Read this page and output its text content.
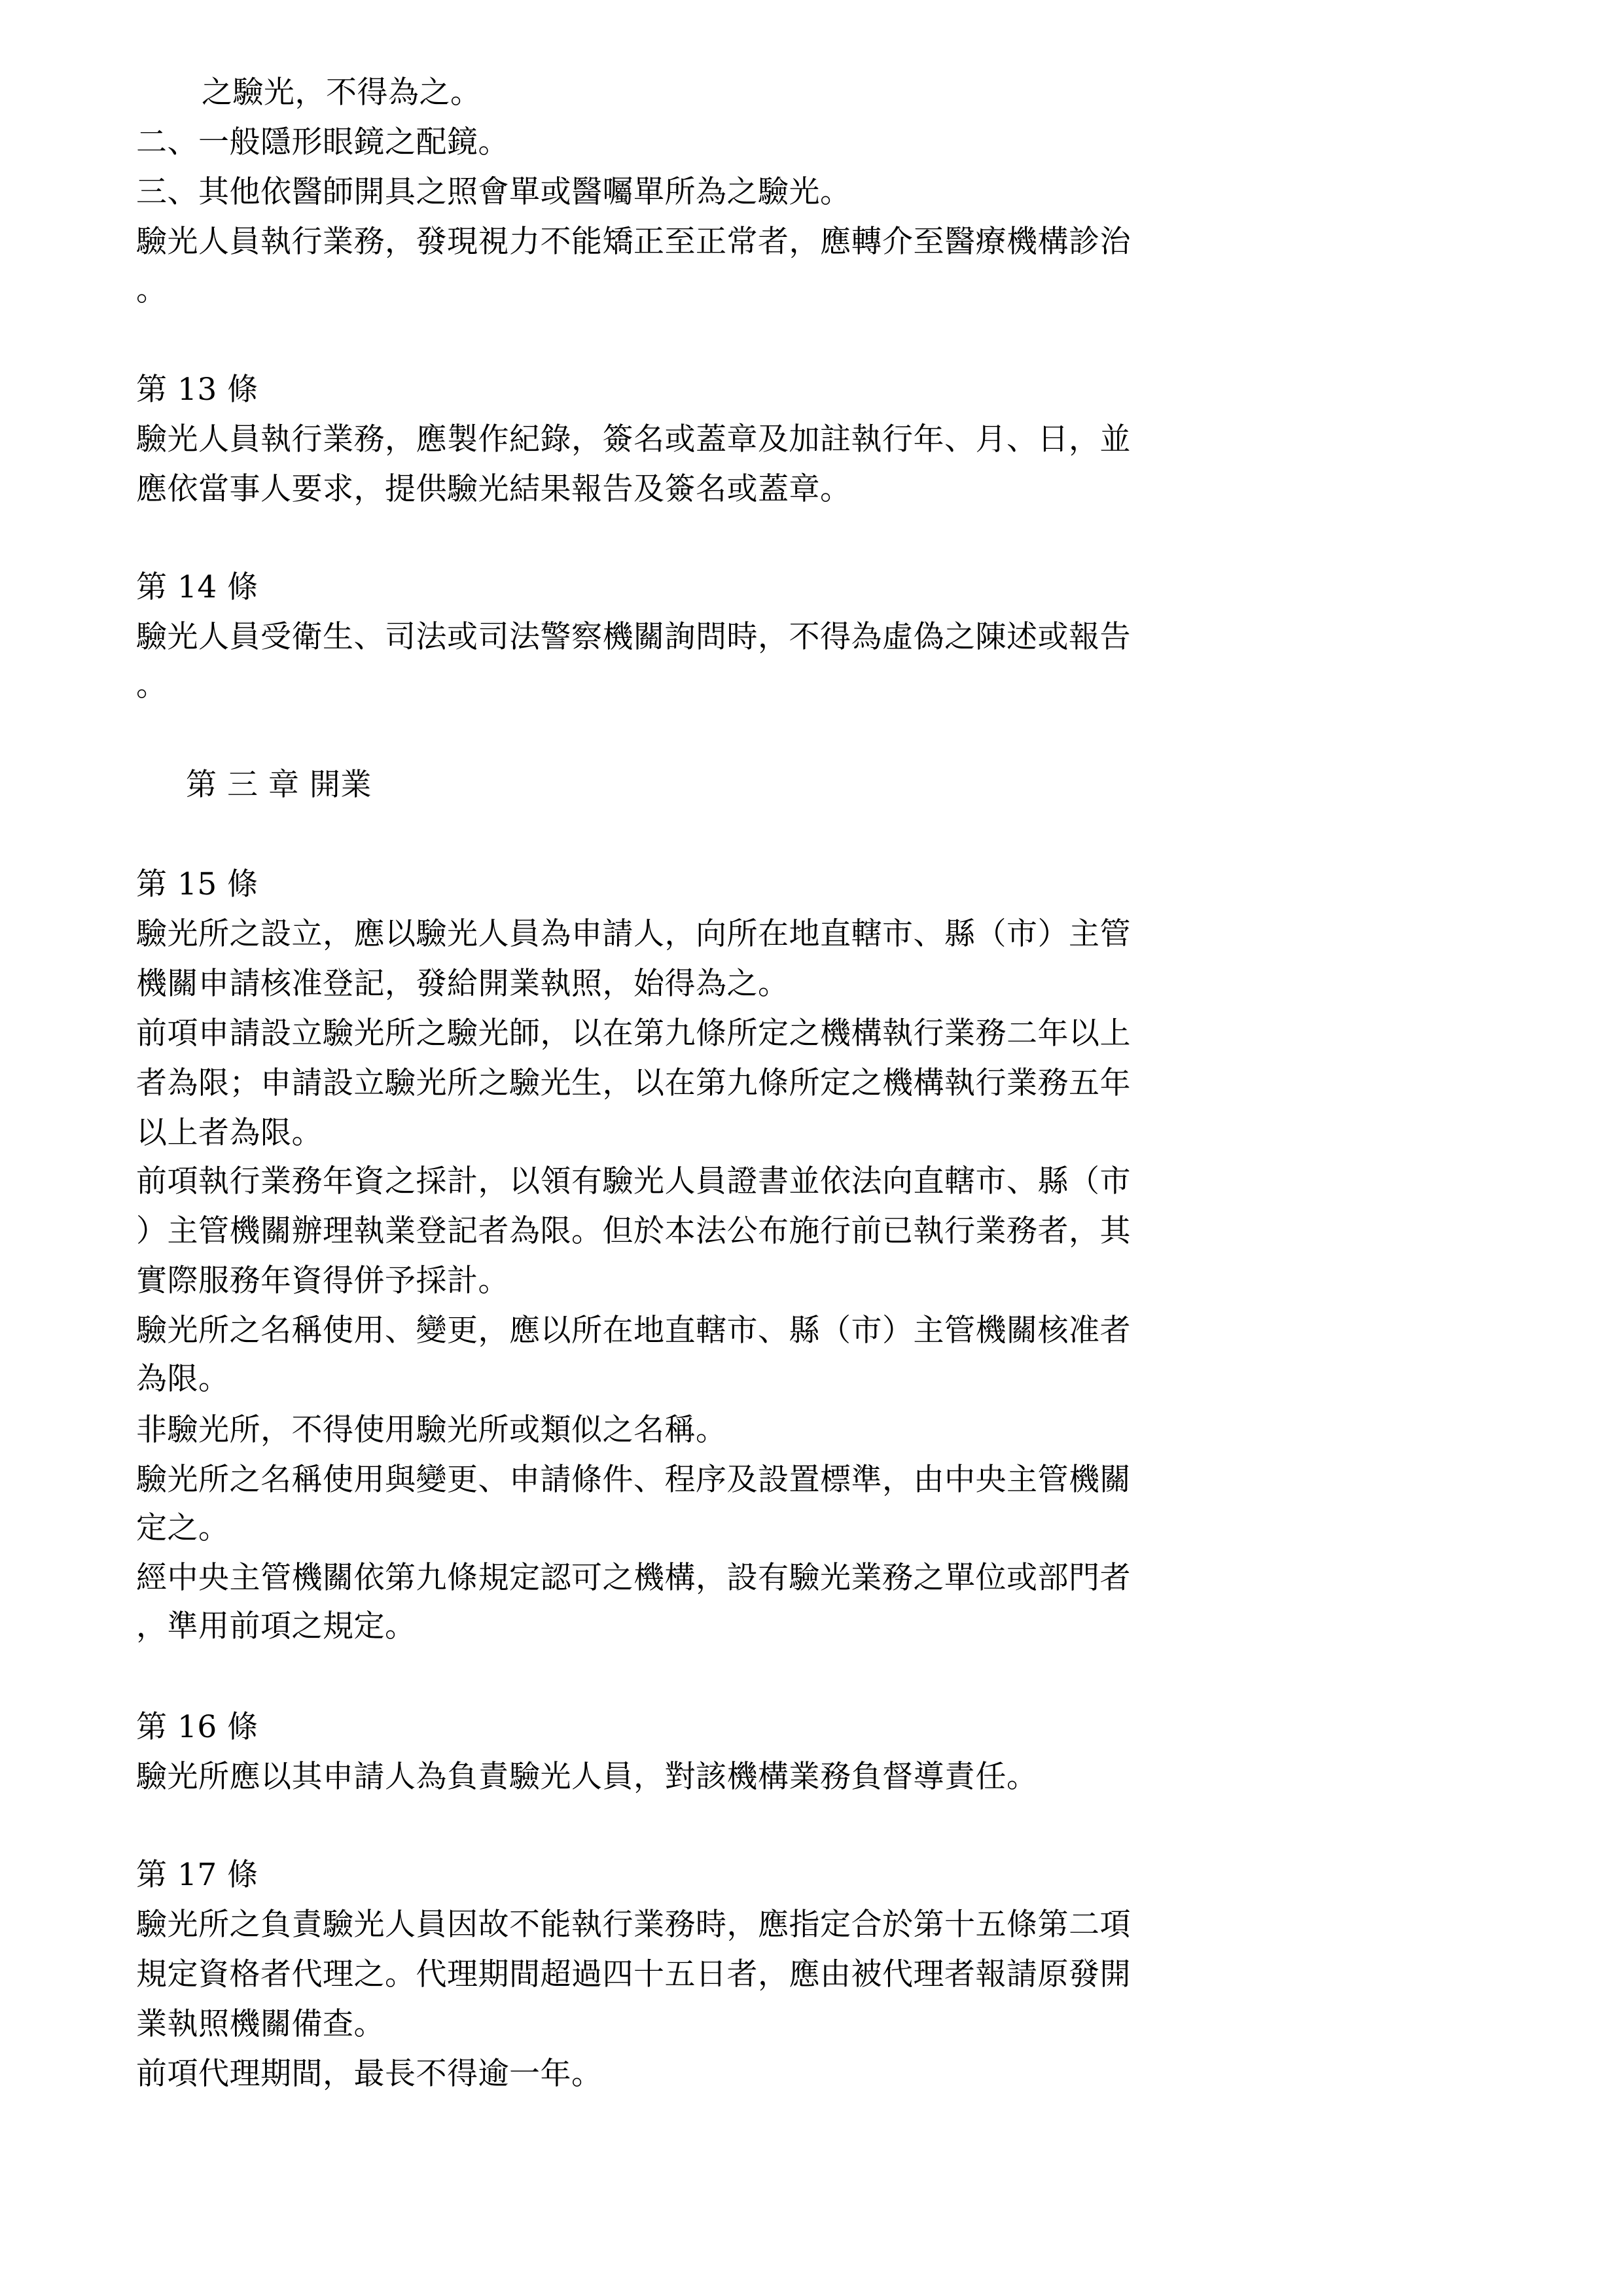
之驗光，不得為之。
二、一般隱形眼鏡之配鏡。
三、其他依醫師開具之照會單或醫囑單所為之驗光。
驗光人員執行業務，發現視力不能矯正至正常者，應轉介至醫療機構診治
。
第 13 條
驗光人員執行業務，應製作紀錄，簽名或蓋章及加註執行年、月、日，並
應依當事人要求，提供驗光結果報告及簽名或蓋章。
第 14 條
驗光人員受衛生、司法或司法警察機關詢問時，不得為虛偽之陳述或報告
。
第 三 章 開業
第 15 條
驗光所之設立，應以驗光人員為申請人，向所在地直轄市、縣（市）主管
機關申請核准登記，發給開業執照，始得為之。
前項申請設立驗光所之驗光師，以在第九條所定之機構執行業務二年以上
者為限；申請設立驗光所之驗光生，以在第九條所定之機構執行業務五年
以上者為限。
前項執行業務年資之採計，以領有驗光人員證書並依法向直轄市、縣（市
）主管機關辦理執業登記者為限。但於本法公布施行前已執行業務者，其
實際服務年資得併予採計。
驗光所之名稱使用、變更，應以所在地直轄市、縣（市）主管機關核准者
為限。
非驗光所，不得使用驗光所或類似之名稱。
驗光所之名稱使用與變更、申請條件、程序及設置標準，由中央主管機關
定之。
經中央主管機關依第九條規定認可之機構，設有驗光業務之單位或部門者
，準用前項之規定。
第 16 條
驗光所應以其申請人為負責驗光人員，對該機構業務負督導責任。
第 17 條
驗光所之負責驗光人員因故不能執行業務時，應指定合於第十五條第二項
規定資格者代理之。代理期間超過四十五日者，應由被代理者報請原發開
業執照機關備查。
前項代理期間，最長不得逾一年。
